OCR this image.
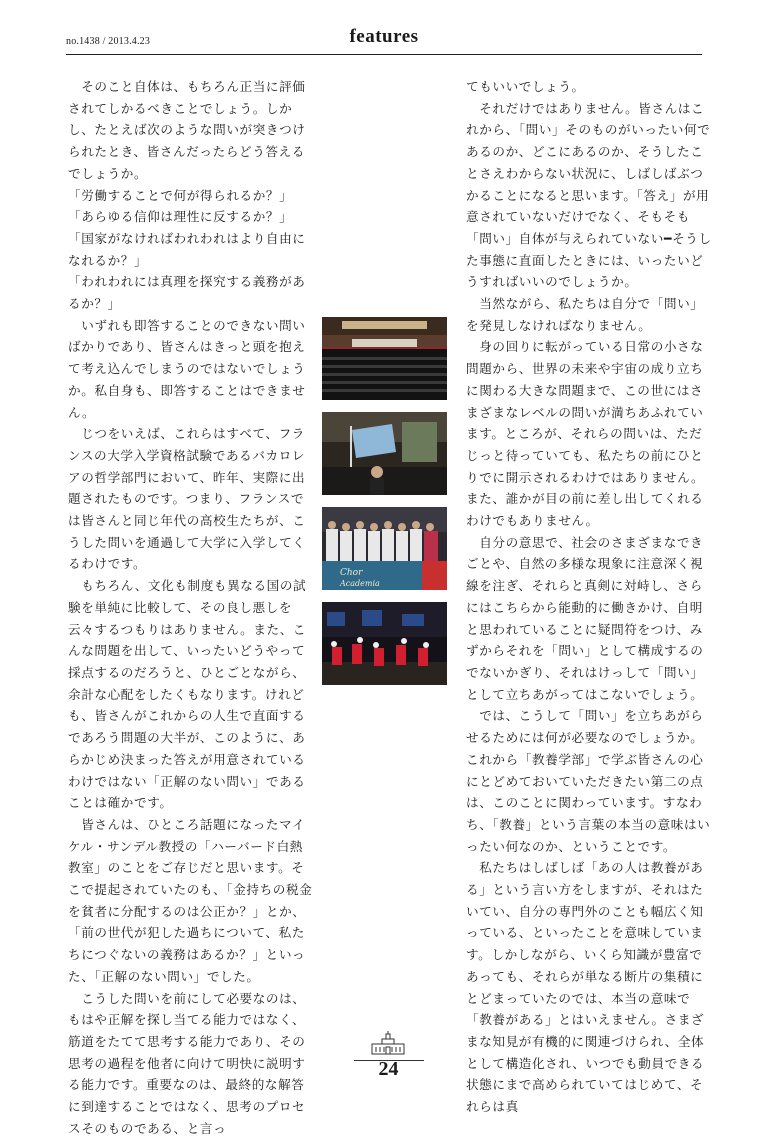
no.1438 / 2013.4.23	features

　そのこと自体は、もちろん正当に評価されてしかるべきことでしょう。しかし、たとえば次のような問いが突きつけられたとき、皆さんだったらどう答えるでしょうか。

「労働することで何が得られるか？」

「あらゆる信仰は理性に反するか？」

「国家がなければわれわれはより自由になれるか？」

「われわれには真理を探究する義務があるか？」

　いずれも即答することのできない問いばかりであり、皆さんはきっと頭を抱えて考え込んでしまうのではないでしょうか。私自身も、即答することはできません。

　じつをいえば、これらはすべて、フランスの大学入学資格試験であるバカロレアの哲学部門において、昨年、実際に出題されたものです。つまり、フランスでは皆さんと同じ年代の高校生たちが、こうした問いを通過して大学に入学してくるわけです。

　もちろん、文化も制度も異なる国の試験を単純に比較して、その良し悪しを云々するつもりはありません。また、こんな問題を出して、いったいどうやって採点するのだろうと、ひとごとながら、余計な心配をしたくもなります。けれども、皆さんがこれからの人生で直面するであろう問題の大半が、このように、あらかじめ決まった答えが用意されているわけではない「正解のない問い」であることは確かです。

　皆さんは、ひところ話題になったマイケル・サンデル教授の「ハーバード白熱教室」のことをご存じだと思います。そこで提起されていたのも、「金持ちの税金を貧者に分配するのは公正か？」とか、「前の世代が犯した過ちについて、私たちにつぐないの義務はあるか？」といった、「正解のない問い」でした。

　こうした問いを前にして必要なのは、もはや正解を探し当てる能力ではなく、筋道をたてて思考する能力であり、その思考の過程を他者に向けて明快に説明する能力です。重要なのは、最終的な解答に到達することではなく、思考のプロセスそのものである、と言っ

Chor
Academia

てもいいでしょう。

　それだけではありません。皆さんはこれから、「問い」そのものがいったい何であるのか、どこにあるのか、そうしたことさえわからない状況に、しばしばぶつかることになると思います。「答え」が用意されていないだけでなく、そもそも「問い」自体が与えられていない━そうした事態に直面したときには、いったいどうすればいいのでしょうか。

　当然ながら、私たちは自分で「問い」を発見しなければなりません。

　身の回りに転がっている日常の小さな問題から、世界の未来や宇宙の成り立ちに関わる大きな問題まで、この世にはさまざまなレベルの問いが満ちあふれています。ところが、それらの問いは、ただじっと待っていても、私たちの前にひとりでに開示されるわけではありません。また、誰かが目の前に差し出してくれるわけでもありません。

　自分の意思で、社会のさまざまなできごとや、自然の多様な現象に注意深く視線を注ぎ、それらと真剣に対峙し、さらにはこちらから能動的に働きかけ、自明と思われていることに疑問符をつけ、みずからそれを「問い」として構成するのでないかぎり、それはけっして「問い」として立ちあがってはこないでしょう。

　では、こうして「問い」を立ちあがらせるためには何が必要なのでしょうか。これから「教養学部」で学ぶ皆さんの心にとどめておいていただきたい第二の点は、このことに関わっています。すなわち、「教養」という言葉の本当の意味はいったい何なのか、ということです。

　私たちはしばしば「あの人は教養がある」という言い方をしますが、それはたいてい、自分の専門外のことも幅広く知っている、といったことを意味しています。しかしながら、いくら知識が豊富であっても、それらが単なる断片の集積にとどまっていたのでは、本当の意味で「教養がある」とはいえません。さまざまな知見が有機的に関連づけられ、全体として構造化され、いつでも動員できる状態にまで高められていてはじめて、それらは真

24
